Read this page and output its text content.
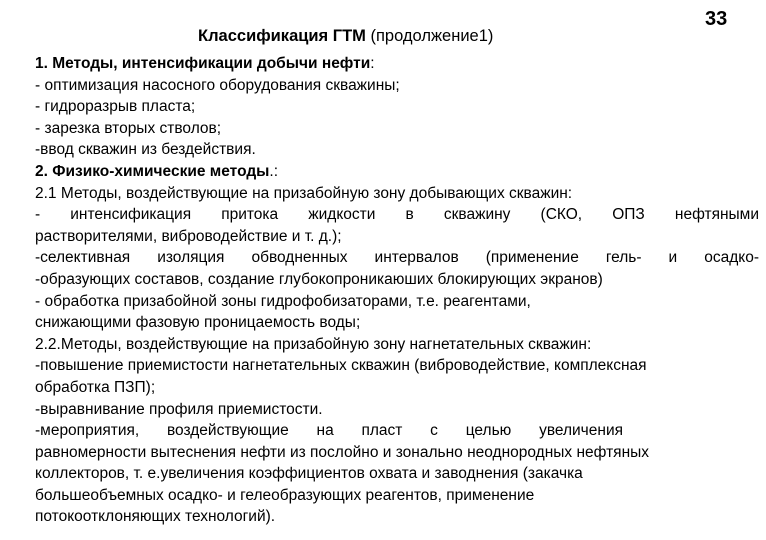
33
Классификация ГТМ (продолжение1)
1. Методы, интенсификации добычи нефти:
- оптимизация насосного оборудования скважины;
- гидроразрыв пласта;
- зарезка вторых стволов;
-ввод скважин из бездействия.
2. Физико-химические методы.:
2.1 Методы, воздействующие на призабойную зону добывающих скважин:
- интенсификация притока жидкости в скважину (СКО, ОПЗ нефтяными
растворителями, виброводействие и т. д.);
-селективная изоляция обводненных интервалов (применение гель- и осадко-
-образующих составов, создание глубокопроникаюших блокирующих экранов)
- обработка призабойной зоны гидрофобизаторами, т.е. реагентами,
снижающими фазовую проницаемость воды;
2.2.Методы, воздействующие на призабойную зону нагнетательных скважин:
-повышение приемистости нагнетательных скважин (виброводействие, комплексная
обработка ПЗП);
-выравнивание профиля приемистости.
-мероприятия, воздействующие на пласт с целью увеличения
равномерности вытеснения нефти из послойно и зонально неоднородных нефтяных
коллекторов, т. е.увеличения коэффициентов охвата и заводнения (закачка
большеобъемных осадко- и гелеобразующих реагентов, применение
потокоотклоняющих технологий).
